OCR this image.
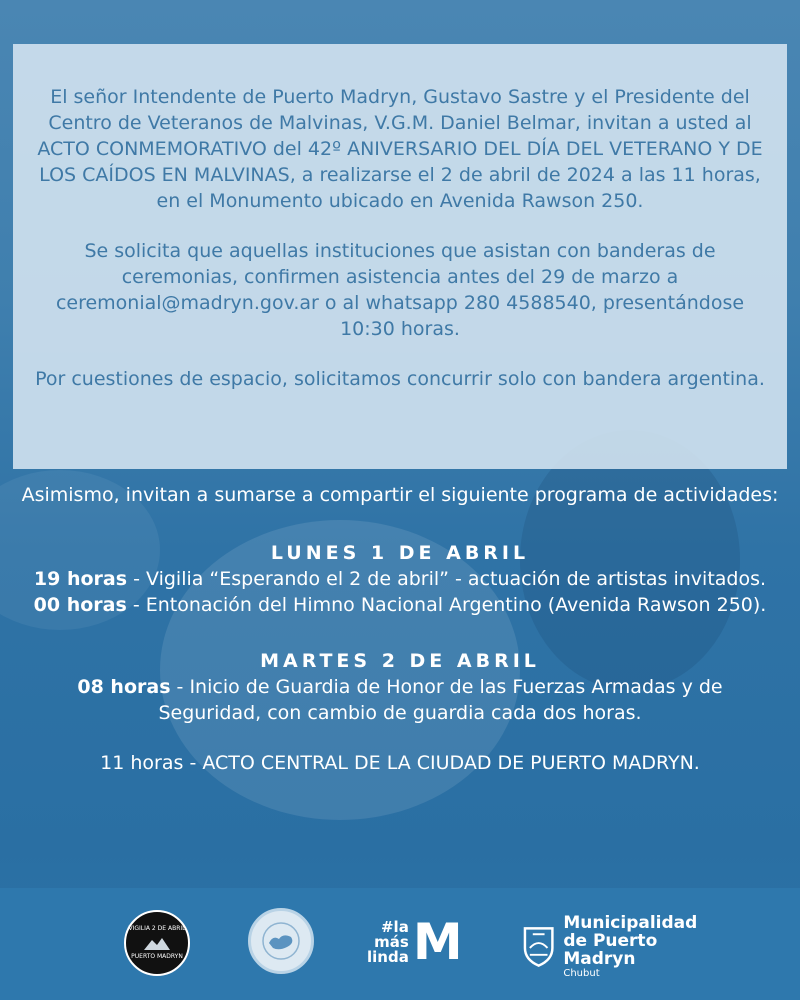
El señor Intendente de Puerto Madryn, Gustavo Sastre y el Presidente del Centro de Veteranos de Malvinas, V.G.M. Daniel Belmar, invitan a usted al ACTO CONMEMORATIVO del 42º ANIVERSARIO DEL DÍA DEL VETERANO Y DE LOS CAÍDOS EN MALVINAS, a realizarse el 2 de abril de 2024 a las 11 horas, en el Monumento ubicado en Avenida Rawson 250.

Se solicita que aquellas instituciones que asistan con banderas de ceremonias, confirmen asistencia antes del 29 de marzo a ceremonial@madryn.gov.ar o al whatsapp 280 4588540, presentándose 10:30 horas.

Por cuestiones de espacio, solicitamos concurrir solo con bandera argentina.

Asimismo, invitan a sumarse a compartir el siguiente programa de actividades:

LUNES 1 DE ABRIL

19 horas - Vigilia “Esperando el 2 de abril” - actuación de artistas invitados.

00 horas - Entonación del Himno Nacional Argentino (Avenida Rawson 250).

MARTES 2 DE ABRIL

08 horas - Inicio de Guardia de Honor de las Fuerzas Armadas y de Seguridad, con cambio de guardia cada dos horas.

11 horas - ACTO CENTRAL DE LA CIUDAD DE PUERTO MADRYN.

VIGILIA 2 DE ABRIL
PUERTO MADRYN
#la
más
linda M	Municipalidad
de Puerto Madryn
Chubut
